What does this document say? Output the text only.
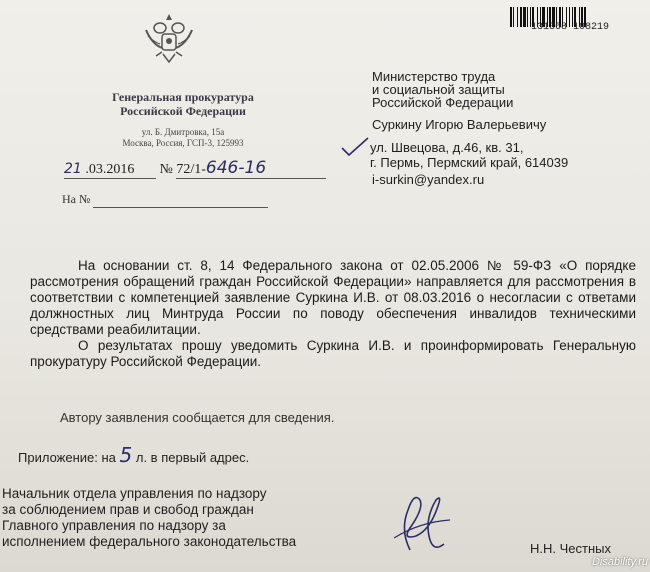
Генеральная прокуратура
Российской Федерации
ул. Б. Дмитровка, 15а
Москва, Россия, ГСП-3, 125993
21 .03.2016 № 72/1-646-16
На №
131368 108219
Министерство труда
и социальной защиты
Российской Федерации
Суркину Игорю Валерьевичу
ул. Швецова, д.46, кв. 31,
г. Пермь, Пермский край, 614039
i-surkin@yandex.ru

На основании ст. 8, 14 Федерального закона от 02.05.2006 № 59-ФЗ «О порядке рассмотрения обращений граждан Российской Федерации» направляется для рассмотрения в соответствии с компетенцией заявление Суркина И.В. от 08.03.2016 о несогласии с ответами должностных лиц Минтруда России по поводу обеспечения инвалидов техническими средствами реабилитации.

О результатах прошу уведомить Суркина И.В. и проинформировать Генеральную прокуратуру Российской Федерации.

Автору заявления сообщается для сведения.
Приложение: на 5 л. в первый адрес.
Начальник отдела управления по надзору
за соблюдением прав и свобод граждан
Главного управления по надзору за
исполнением федерального законодательства	Н.Н. Честных
Disability.ru
